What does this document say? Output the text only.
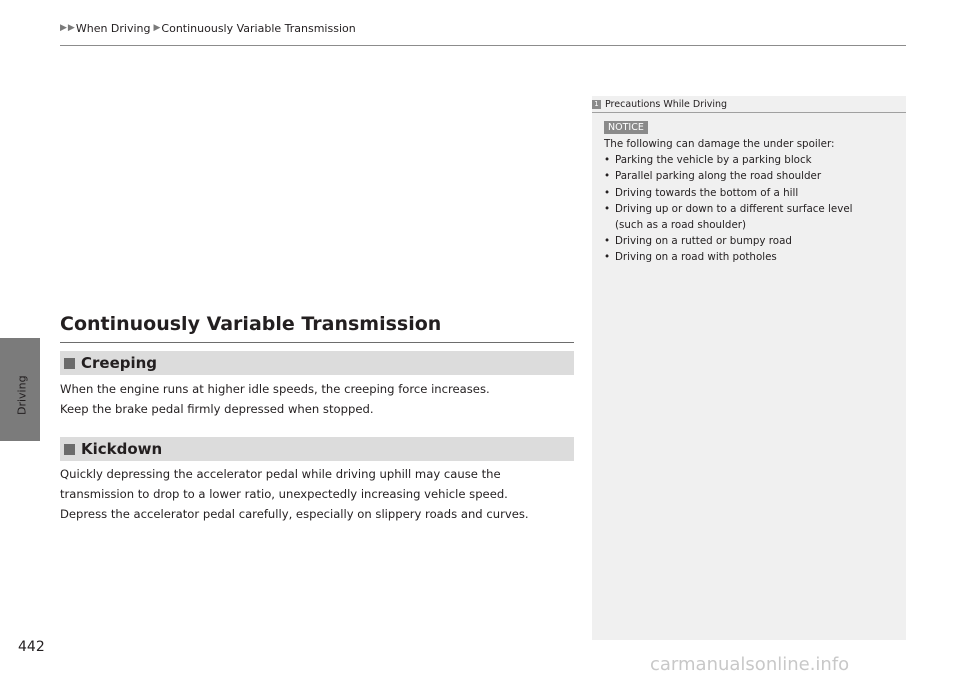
▶ ▶ When Driving ▶ Continuously Variable Transmission
Driving
Continuously Variable Transmission
Creeping

When the engine runs at higher idle speeds, the creeping force increases.

Keep the brake pedal firmly depressed when stopped.

Kickdown

Quickly depressing the accelerator pedal while driving uphill may cause the

transmission to drop to a lower ratio, unexpectedly increasing vehicle speed.

Depress the accelerator pedal carefully, especially on slippery roads and curves.

1 Precautions While Driving
NOTICE

The following can damage the under spoiler:

• Parking the vehicle by a parking block
• Parallel parking along the road shoulder
• Driving towards the bottom of a hill
• Driving up or down to a different surface level
(such as a road shoulder)
• Driving on a rutted or bumpy road
• Driving on a road with potholes
442
carmanualsonline.info
